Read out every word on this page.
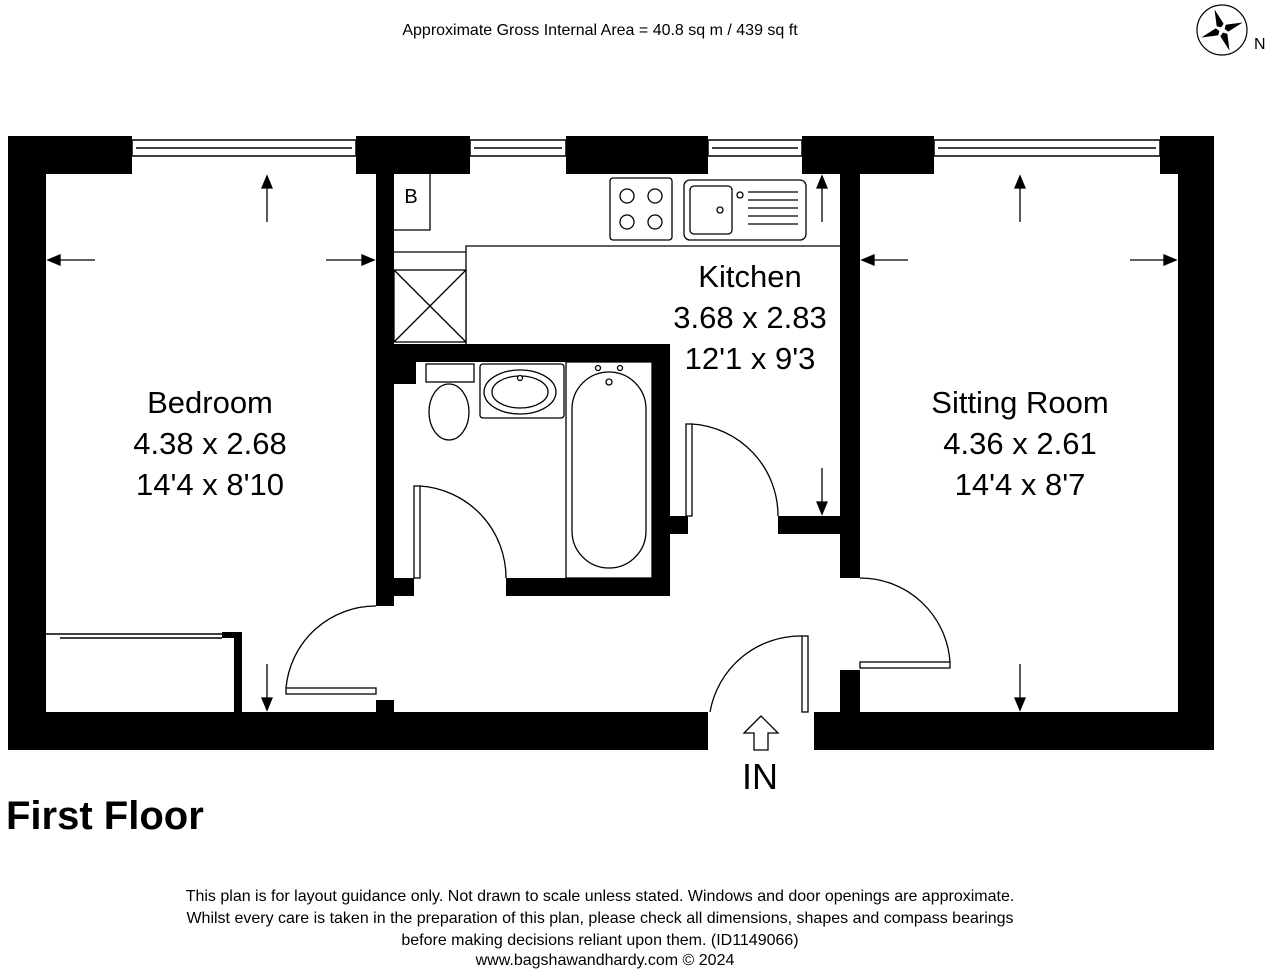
Approximate Gross Internal Area = 40.8 sq m / 439 sq ft
N
B
Bedroom
4.38 x 2.68
14'4 x 8'10
Kitchen
3.68 x 2.83
12'1 x 9'3
Sitting Room
4.36 x 2.61
14'4 x 8'7
IN
First Floor
This plan is for layout guidance only. Not drawn to scale unless stated. Windows and door openings are approximate.
Whilst every care is taken in the preparation of this plan, please check all dimensions, shapes and compass bearings
before making decisions reliant upon them. (ID1149066)
www.bagshawandhardy.com © 2024
